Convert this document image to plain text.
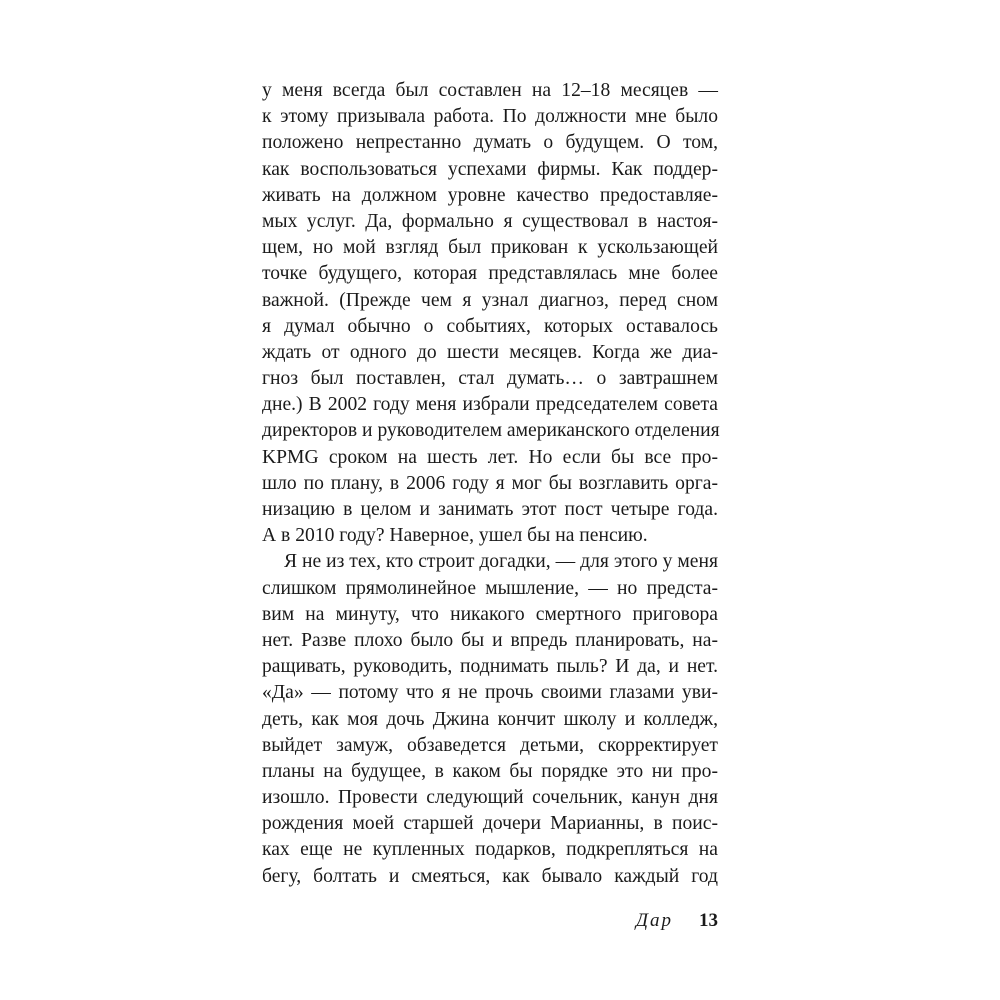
у меня всегда был составлен на 12–18 месяцев —
к этому призывала работа. По должности мне было
положено непрестанно думать о будущем. О том,
как воспользоваться успехами фирмы. Как поддер-
живать на должном уровне качество предоставляе-
мых услуг. Да, формально я существовал в настоя-
щем, но мой взгляд был прикован к ускользающей
точке будущего, которая представлялась мне более
важной. (Прежде чем я узнал диагноз, перед сном
я думал обычно о событиях, которых оставалось
ждать от одного до шести месяцев. Когда же диа-
гноз был поставлен, стал думать… о завтрашнем
дне.) В 2002 году меня избрали председателем совета
директоров и руководителем американского отделения
KPMG сроком на шесть лет. Но если бы все про-
шло по плану, в 2006 году я мог бы возглавить орга-
низацию в целом и занимать этот пост четыре года.
А в 2010 году? Наверное, ушел бы на пенсию.
Я не из тех, кто строит догадки, — для этого у меня
слишком прямолинейное мышление, — но предста-
вим на минуту, что никакого смертного приговора
нет. Разве плохо было бы и впредь планировать, на-
ращивать, руководить, поднимать пыль? И да, и нет.
«Да» — потому что я не прочь своими глазами уви-
деть, как моя дочь Джина кончит школу и колледж,
выйдет замуж, обзаведется детьми, скорректирует
планы на будущее, в каком бы порядке это ни про-
изошло. Провести следующий сочельник, канун дня
рождения моей старшей дочери Марианны, в поис-
ках еще не купленных подарков, подкрепляться на
бегу, болтать и смеяться, как бывало каждый год
Дар 13
